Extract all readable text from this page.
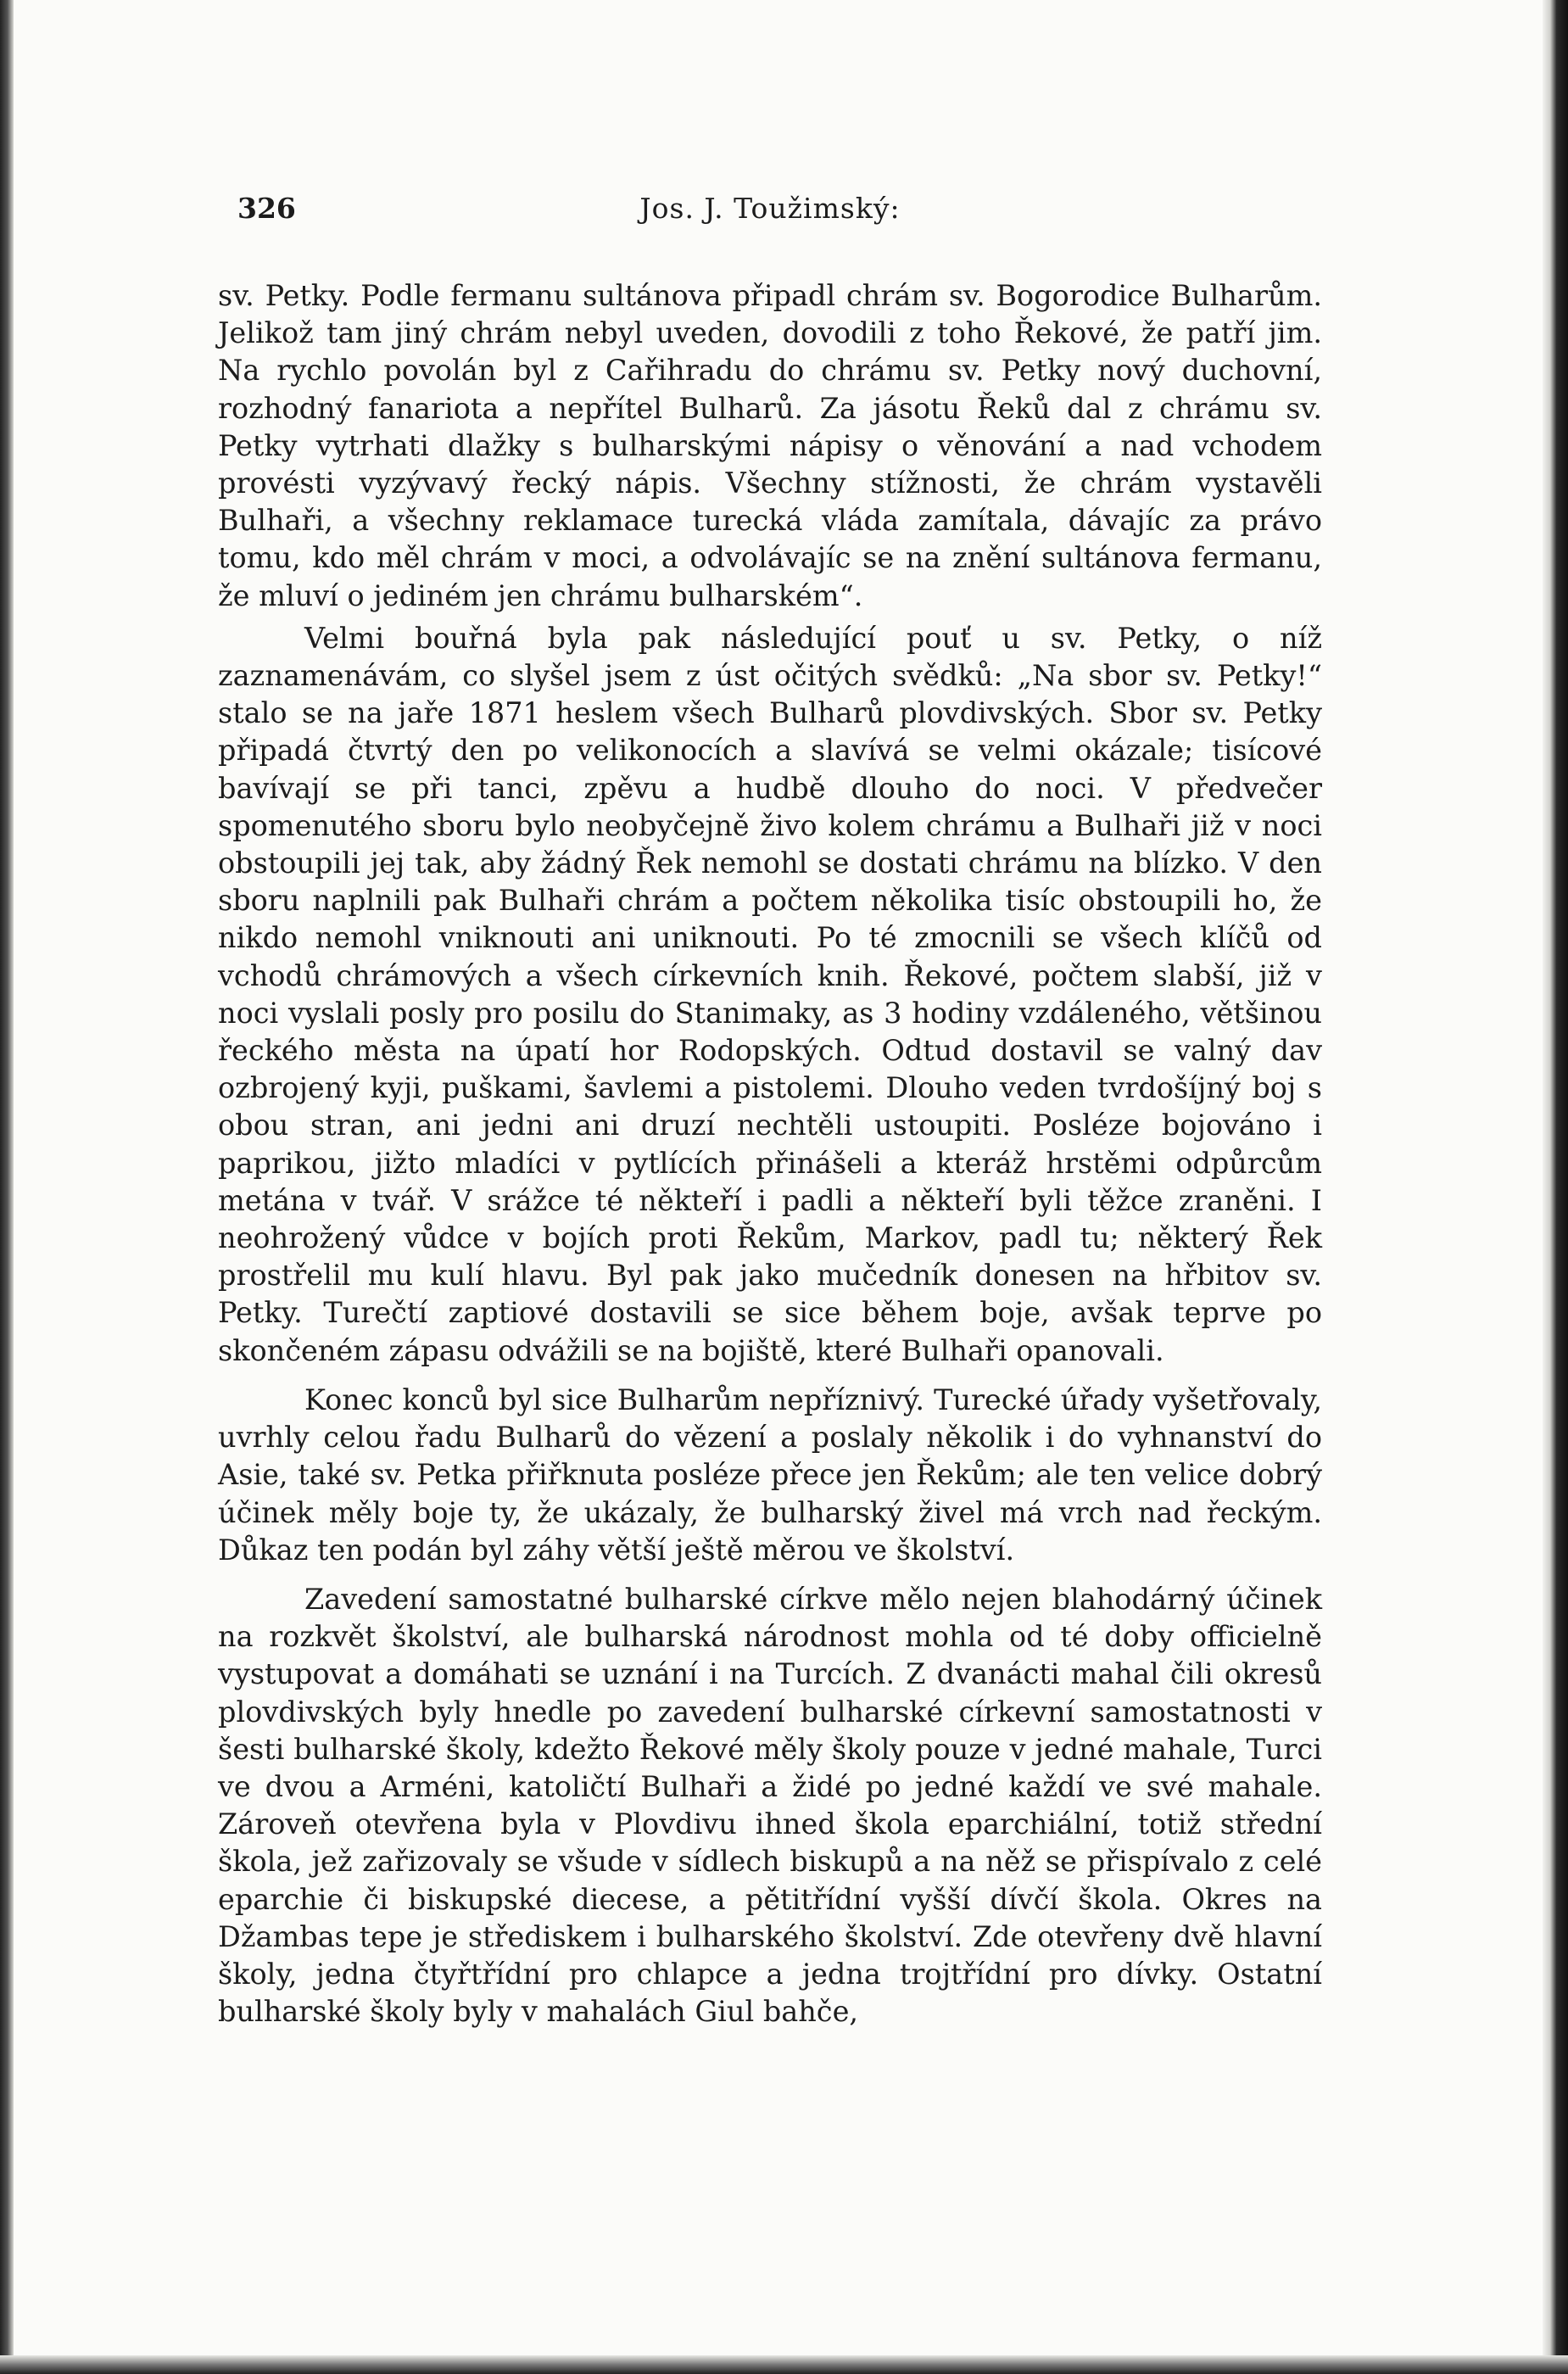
326	Jos. J. Toužimský:

sv. Petky. Podle fermanu sultánova připadl chrám sv. Bogorodice Bulharům. Jelikož tam jiný chrám nebyl uveden, dovodili z toho Řekové, že patří jim. Na rychlo povolán byl z Cařihradu do chrámu sv. Petky nový duchovní, rozhodný fanariota a nepřítel Bulharů. Za jásotu Řeků dal z chrámu sv. Petky vytrhati dlažky s bulharskými nápisy o věnování a nad vchodem provésti vyzývavý řecký nápis. Všechny stížnosti, že chrám vystavěli Bulhaři, a všechny reklamace turecká vláda zamítala, dávajíc za právo tomu, kdo měl chrám v moci, a odvolávajíc se na znění sultánova fermanu, že mluví o jediném jen chrámu bulharském“.

Velmi bouřná byla pak následující pouť u sv. Petky, o níž zaznamenávám, co slyšel jsem z úst očitých svědků: „Na sbor sv. Petky!“ stalo se na jaře 1871 heslem všech Bulharů plovdivských. Sbor sv. Petky připadá čtvrtý den po velikonocích a slavívá se velmi okázale; tisícové bavívají se při tanci, zpěvu a hudbě dlouho do noci. V předvečer spomenutého sboru bylo neobyčejně živo kolem chrámu a Bulhaři již v noci obstoupili jej tak, aby žádný Řek nemohl se dostati chrámu na blízko. V den sboru naplnili pak Bulhaři chrám a počtem několika tisíc obstoupili ho, že nikdo nemohl vniknouti ani uniknouti. Po té zmocnili se všech klíčů od vchodů chrámových a všech církevních knih. Řekové, počtem slabší, již v noci vyslali posly pro posilu do Stanimaky, as 3 hodiny vzdáleného, většinou řeckého města na úpatí hor Rodopských. Odtud dostavil se valný dav ozbrojený kyji, puškami, šavlemi a pistolemi. Dlouho veden tvrdošíjný boj s obou stran, ani jedni ani druzí nechtěli ustoupiti. Posléze bojováno i paprikou, jižto mladíci v pytlících přinášeli a kteráž hrstěmi odpůrcům metána v tvář. V srážce té někteří i padli a někteří byli těžce zraněni. I neohrožený vůdce v bojích proti Řekům, Markov, padl tu; některý Řek prostřelil mu kulí hlavu. Byl pak jako mučedník donesen na hřbitov sv. Petky. Turečtí zaptiové dostavili se sice během boje, avšak teprve po skončeném zápasu odvážili se na bojiště, které Bulhaři opanovali.

Konec konců byl sice Bulharům nepříznivý. Turecké úřady vyšetřovaly, uvrhly celou řadu Bulharů do vězení a poslaly několik i do vyhnanství do Asie, také sv. Petka přiřknuta posléze přece jen Řekům; ale ten velice dobrý účinek měly boje ty, že ukázaly, že bulharský živel má vrch nad řeckým. Důkaz ten podán byl záhy větší ještě měrou ve školství.

Zavedení samostatné bulharské církve mělo nejen blahodárný účinek na rozkvět školství, ale bulharská národnost mohla od té doby officielně vystupovat a domáhati se uznání i na Turcích. Z dvanácti mahal čili okresů plovdivských byly hnedle po zavedení bulharské církevní samostatnosti v šesti bulharské školy, kdežto Řekové měly školy pouze v jedné mahale, Turci ve dvou a Arméni, katoličtí Bulhaři a židé po jedné každí ve své mahale. Zároveň otevřena byla v Plovdivu ihned škola eparchiální, totiž střední škola, jež zařizovaly se všude v sídlech biskupů a na něž se přispívalo z celé eparchie či biskupské diecese, a pětitřídní vyšší dívčí škola. Okres na Džambas tepe je střediskem i bulharského školství. Zde otevřeny dvě hlavní školy, jedna čtyřtřídní pro chlapce a jedna trojtřídní pro dívky. Ostatní bulharské školy byly v mahalách Giul bahče,
